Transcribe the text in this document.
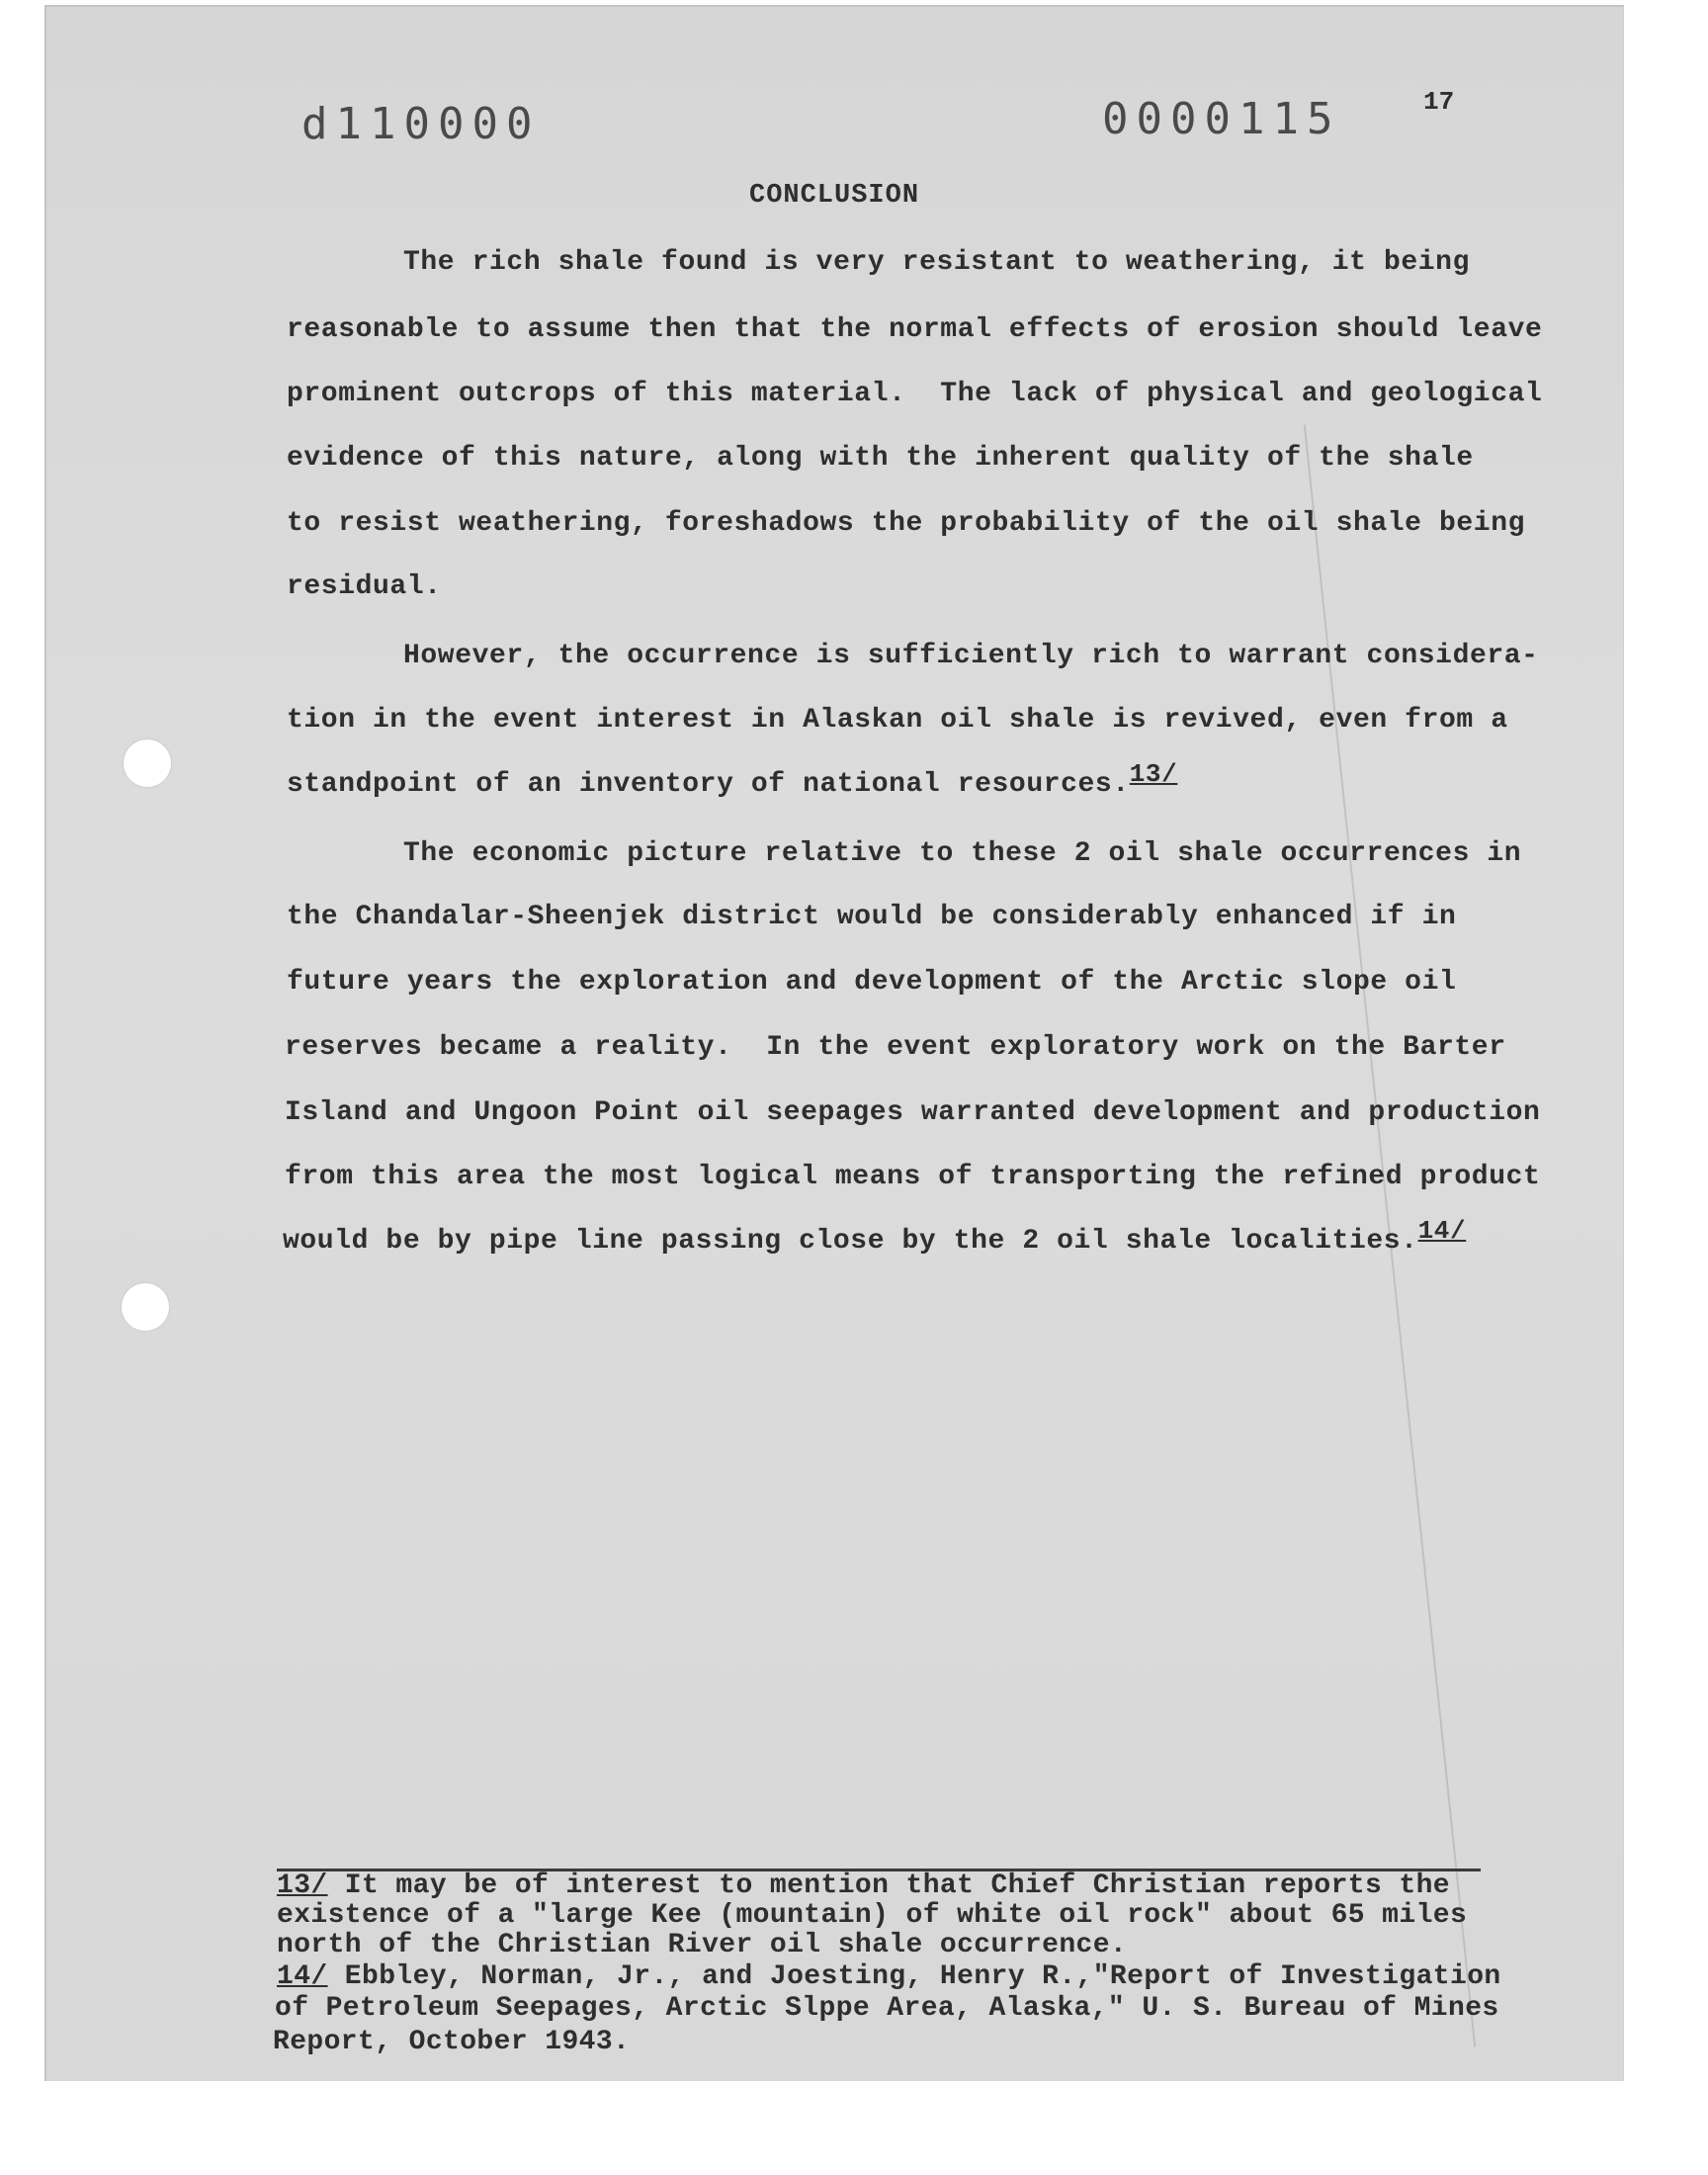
d110000	0000115	17
CONCLUSION
The rich shale found is very resistant to weathering, it being
reasonable to assume then that the normal effects of erosion should leave
prominent outcrops of this material.  The lack of physical and geological
evidence of this nature, along with the inherent quality of the shale
to resist weathering, foreshadows the probability of the oil shale being
residual.
However, the occurrence is sufficiently rich to warrant considera-
tion in the event interest in Alaskan oil shale is revived, even from a
standpoint of an inventory of national resources.13/
The economic picture relative to these 2 oil shale occurrences in
the Chandalar-Sheenjek district would be considerably enhanced if in
future years the exploration and development of the Arctic slope oil
reserves became a reality.  In the event exploratory work on the Barter
Island and Ungoon Point oil seepages warranted development and production
from this area the most logical means of transporting the refined product
would be by pipe line passing close by the 2 oil shale localities.14/
13/ It may be of interest to mention that Chief Christian reports the
existence of a "large Kee (mountain) of white oil rock" about 65 miles
north of the Christian River oil shale occurrence.
14/ Ebbley, Norman, Jr., and Joesting, Henry R.,"Report of Investigation
of Petroleum Seepages, Arctic Slppe Area, Alaska," U. S. Bureau of Mines
Report, October 1943.
